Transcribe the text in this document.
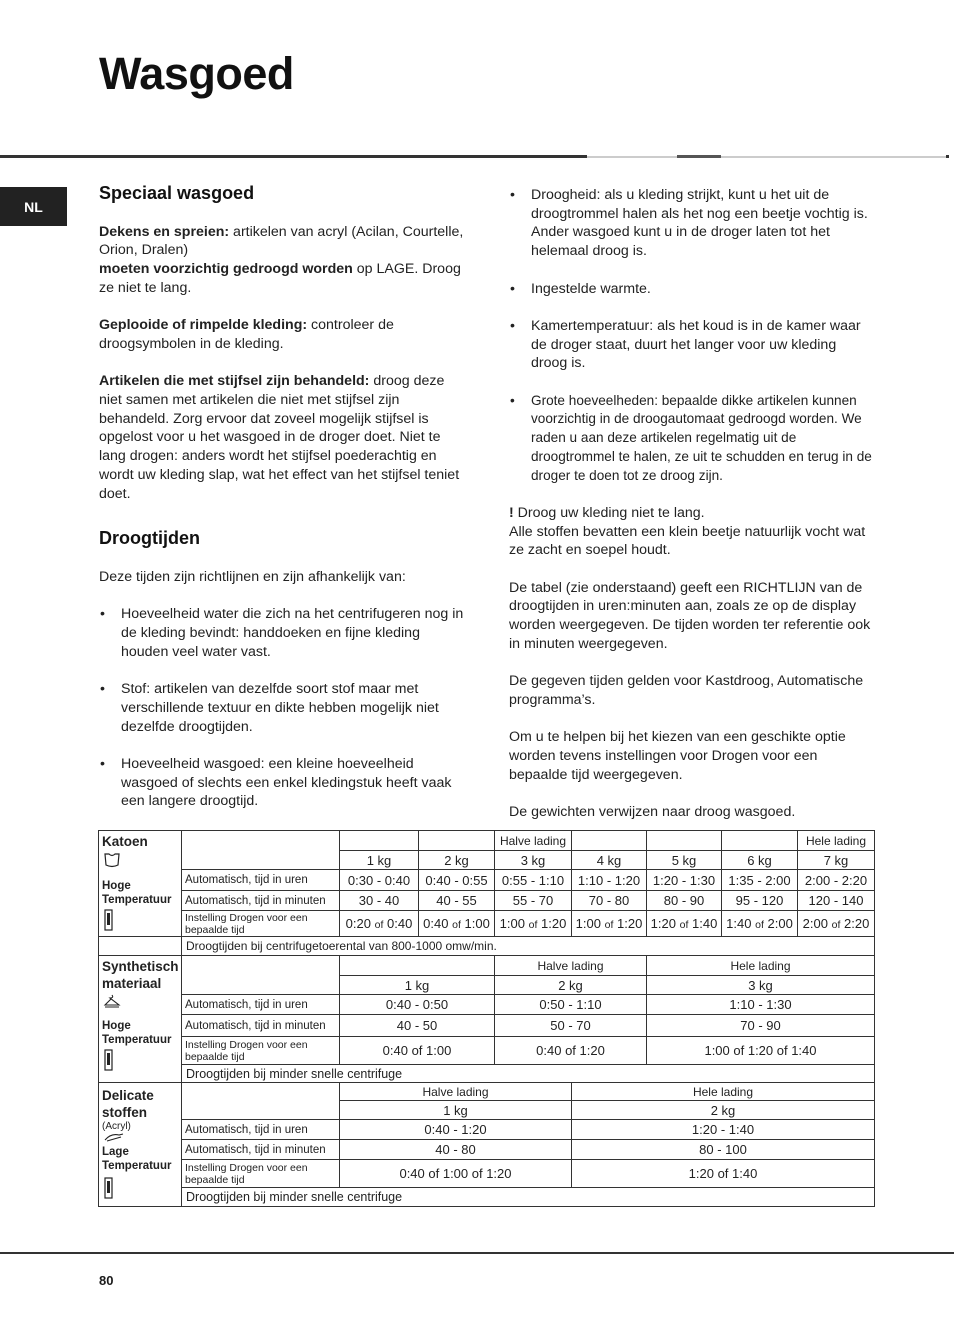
Wasgoed
NL
Speciaal wasgoed

Dekens en spreien: artikelen van acryl (Acilan, Courtelle, Orion, Dralen)
moeten voorzichtig gedroogd worden op LAGE. Droog ze niet te lang.

Geplooide of rimpelde kleding: controleer de droogsymbolen in de kleding.

Artikelen die met stijfsel zijn behandeld: droog deze niet samen met artikelen die niet met stijfsel zijn behandeld. Zorg ervoor dat zoveel mogelijk stijfsel is opgelost voor u het wasgoed in de droger doet. Niet te lang drogen: anders wordt het stijfsel poederachtig en wordt uw kleding slap, wat het effect van het stijfsel teniet doet.

Droogtijden

Deze tijden zijn richtlijnen en zijn afhankelijk van:

• Hoeveelheid water die zich na het centrifugeren nog in de kleding bevindt: handdoeken en fijne kleding houden veel water vast.
• Stof: artikelen van dezelfde soort stof maar met verschillende textuur en dikte hebben mogelijk niet dezelfde droogtijden.
• Hoeveelheid wasgoed: een kleine hoeveelheid wasgoed of slechts een enkel kledingstuk heeft vaak een langere droogtijd.
• Droogheid: als u kleding strijkt, kunt u het uit de droogtrommel halen als het nog een beetje vochtig is. Ander wasgoed kunt u in de droger laten tot het helemaal droog is.
• Ingestelde warmte.
• Kamertemperatuur: als het koud is in de kamer waar de droger staat, duurt het langer voor uw kleding droog is.
• Grote hoeveelheden: bepaalde dikke artikelen kunnen voorzichtig in de droogautomaat gedroogd worden. We raden u aan deze artikelen regelmatig uit de droogtrommel te halen, ze uit te schudden en terug in de droger te doen tot ze droog zijn.

! Droog uw kleding niet te lang.
Alle stoffen bevatten een klein beetje natuurlijk vocht wat ze zacht en soepel houdt.

De tabel (zie onderstaand) geeft een RICHTLIJN van de droogtijden in uren:minuten aan, zoals ze op de display worden weergegeven. De tijden worden ter referentie ook in minuten weergegeven.

De gegeven tijden gelden voor Kastdroog, Automatische programma’s.

Om u te helpen bij het kiezen van een geschikte optie worden tevens instellingen voor Drogen voor een bepaalde tijd weergegeven.

De gewichten verwijzen naar droog wasgoed.

Katoen
Hoge Temperatuur				Halve lading				Hele lading
		1 kg	2 kg	3 kg	4 kg	5 kg	6 kg	7 kg
	Automatisch, tijd in uren	0:30 - 0:40	0:40 - 0:55	0:55 - 1:10	1:10 - 1:20	1:20 - 1:30	1:35 - 2:00	2:00 - 2:20
	Automatisch, tijd in minuten	30 - 40	40 - 55	55 - 70	70 - 80	80 - 90	95 - 120	120 - 140
	Instelling Drogen voor een bepaalde tijd	0:20 of 0:40	0:40 of 1:00	1:00 of 1:20	1:00 of 1:20	1:20 of 1:40	1:40 of 2:00	2:00 of 2:20
	Droogtijden bij centrifugetoerental van 800-1000 omw/min.							

Synthetisch materiaal
Hoge Temperatuur				Halve lading		Hele lading		
		1 kg		2 kg		3 kg		
	Automatisch, tijd in uren	0:40 - 0:50		0:50 - 1:10		1:10 - 1:30		
	Automatisch, tijd in minuten	40 - 50		50 - 70		70 - 90		
	Instelling Drogen voor een bepaalde tijd	0:40 of 1:00		0:40 of 1:20		1:00 of 1:20 of 1:40		
	Droogtijden bij minder snelle centrifuge							

Delicate stoffen
(Acryl)
Lage Temperatuur		Halve lading			Hele lading			
		1 kg			2 kg			
	Automatisch, tijd in uren	0:40 - 1:20			1:20 - 1:40			
	Automatisch, tijd in minuten	40 - 80			80 - 100			
	Instelling Drogen voor een bepaalde tijd	0:40 of 1:00 of 1:20			1:20 of 1:40			
	Droogtijden bij minder snelle centrifuge							
80
